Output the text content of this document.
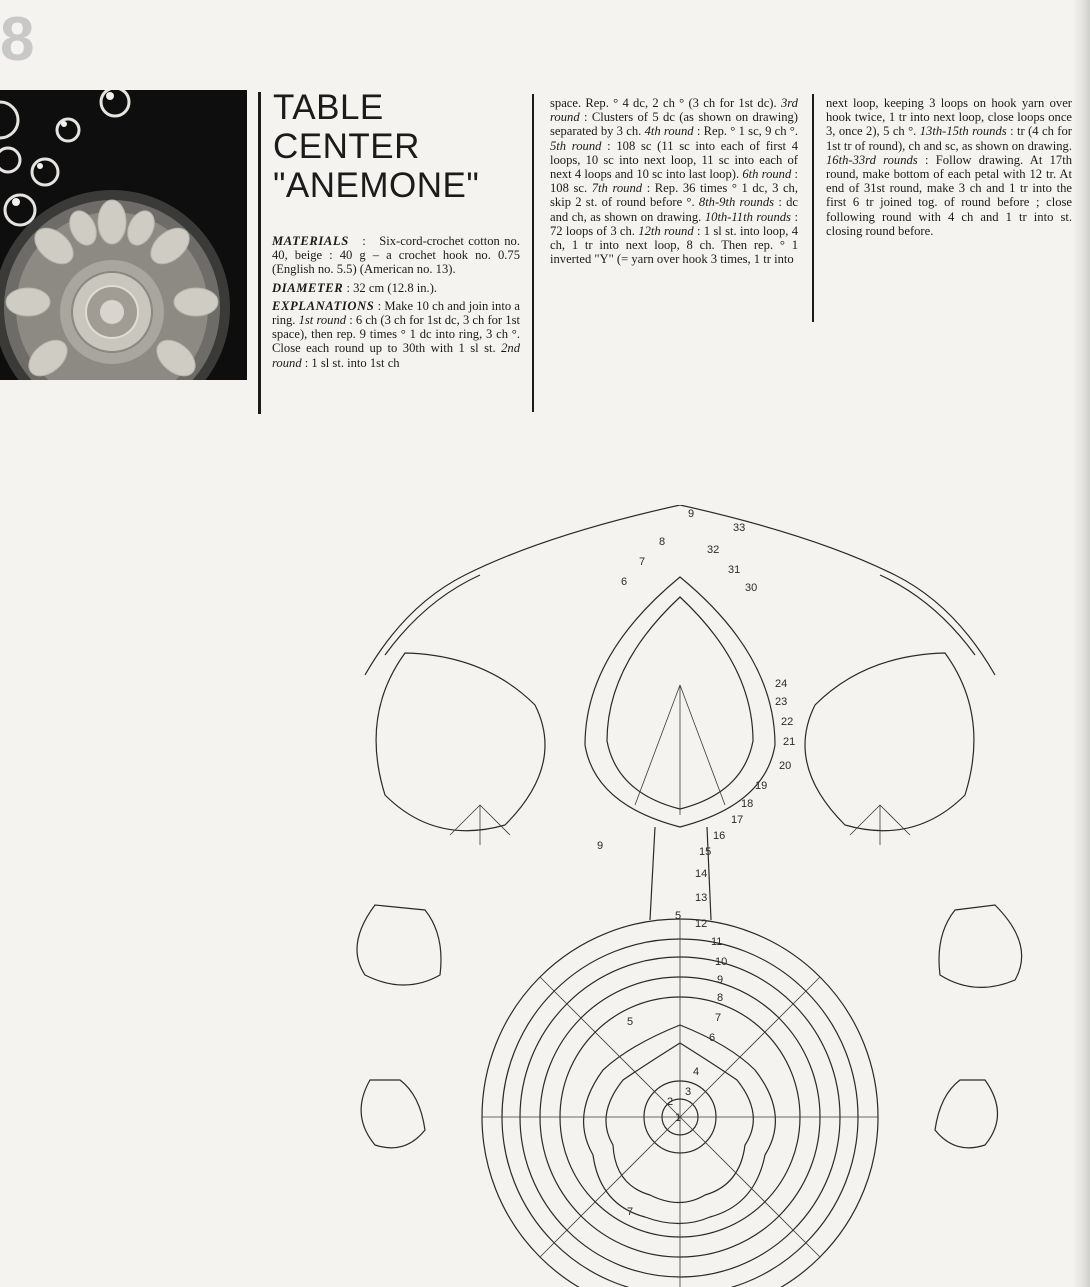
8
TABLE
CENTER
"ANEMONE"

MATERIALS : Six-cord-crochet cotton no. 40, beige : 40 g – a crochet hook no. 0.75 (English no. 5.5) (American no. 13).

DIAMETER : 32 cm (12.8 in.).

EXPLANATIONS : Make 10 ch and join into a ring. 1st round : 6 ch (3 ch for 1st dc, 3 ch for 1st space), then rep. 9 times ° 1 dc into ring, 3 ch °. Close each round up to 30th with 1 sl st. 2nd round : 1 sl st. into 1st ch

space. Rep. ° 4 dc, 2 ch ° (3 ch for 1st dc). 3rd round : Clusters of 5 dc (as shown on drawing) separated by 3 ch. 4th round : Rep. ° 1 sc, 9 ch °. 5th round : 108 sc (11 sc into each of first 4 loops, 10 sc into next loop, 11 sc into each of next 4 loops and 10 sc into last loop). 6th round : 108 sc. 7th round : Rep. 36 times ° 1 dc, 3 ch, skip 2 st. of round before °. 8th-9th rounds : dc and ch, as shown on drawing. 10th-11th rounds : 72 loops of 3 ch. 12th round : 1 sl st. into loop, 4 ch, 1 tr into next loop, 8 ch. Then rep. ° 1 inverted "Y" (= yarn over hook 3 times, 1 tr into

next loop, keeping 3 loops on hook yarn over hook twice, 1 tr into next loop, close loops once 3, once 2), 5 ch °. 13th-15th rounds : tr (4 ch for 1st tr of round), ch and sc, as shown on drawing. 16th-33rd rounds : Follow drawing. At 17th round, make bottom of each petal with 12 tr. At end of 31st round, make 3 ch and 1 tr into the first 6 tr joined tog. of round before ; close following round with 4 ch and 1 tr into st. closing round before.

9
8
7
6
33
32
31
30
24
23
22
21
20
19
18
17
16
15
14
13
12
11
10
9
8
7
6
5
4
3
2
1
9
5
7
